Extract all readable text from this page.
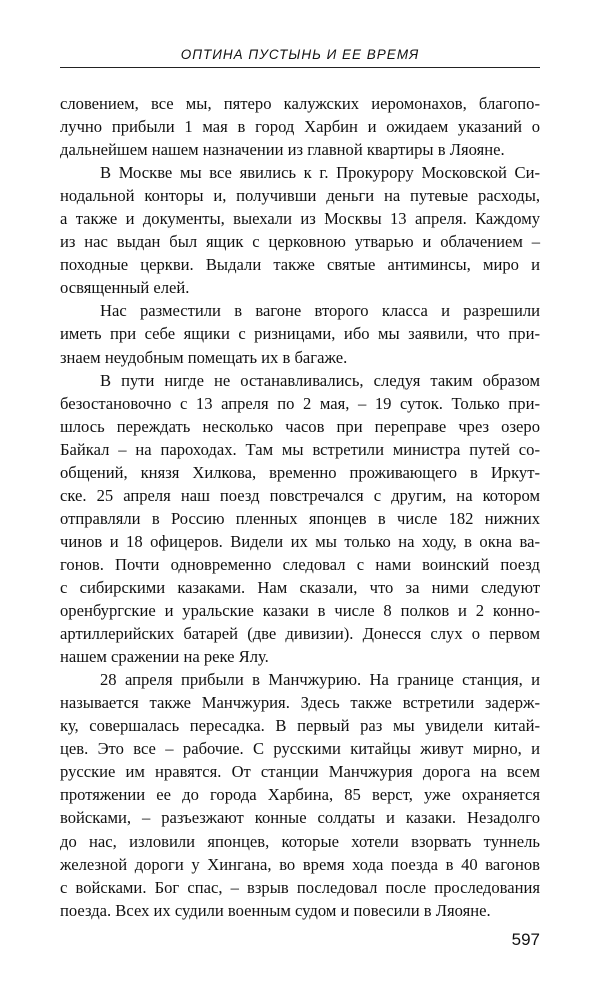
ОПТИНА ПУСТЫНЬ И ЕЕ ВРЕМЯ
словением, все мы, пятеро калужских иеромонахов, благопо-
лучно прибыли 1 мая в город Харбин и ожидаем указаний о
дальнейшем нашем назначении из главной квартиры в Ляояне.
В Москве мы все явились к г. Прокурору Московской Си-
нодальной конторы и, получивши деньги на путевые расходы,
а также и документы, выехали из Москвы 13 апреля. Каждому
из нас выдан был ящик с церковною утварью и облачением –
походные церкви. Выдали также святые антиминсы, миро и
освященный елей.
Нас разместили в вагоне второго класса и разрешили
иметь при себе ящики с ризницами, ибо мы заявили, что при-
знаем неудобным помещать их в багаже.
В пути нигде не останавливались, следуя таким образом
безостановочно с 13 апреля по 2 мая, – 19 суток. Только при-
шлось переждать несколько часов при переправе чрез озеро
Байкал – на пароходах. Там мы встретили министра путей со-
общений, князя Хилкова, временно проживающего в Иркут-
ске. 25 апреля наш поезд повстречался с другим, на котором
отправляли в Россию пленных японцев в числе 182 нижних
чинов и 18 офицеров. Видели их мы только на ходу, в окна ва-
гонов. Почти одновременно следовал с нами воинский поезд
с сибирскими казаками. Нам сказали, что за ними следуют
оренбургские и уральские казаки в числе 8 полков и 2 конно-
артиллерийских батарей (две дивизии). Донесся слух о первом
нашем сражении на реке Ялу.
28 апреля прибыли в Манчжурию. На границе станция, и
называется также Манчжурия. Здесь также встретили задерж-
ку, совершалась пересадка. В первый раз мы увидели китай-
цев. Это все – рабочие. С русскими китайцы живут мирно, и
русские им нравятся. От станции Манчжурия дорога на всем
протяжении ее до города Харбина, 85 верст, уже охраняется
войсками, – разъезжают конные солдаты и казаки. Незадолго
до нас, изловили японцев, которые хотели взорвать туннель
железной дороги у Хингана, во время хода поезда в 40 вагонов
с войсками. Бог спас, – взрыв последовал после проследования
поезда. Всех их судили военным судом и повесили в Ляояне.
597
